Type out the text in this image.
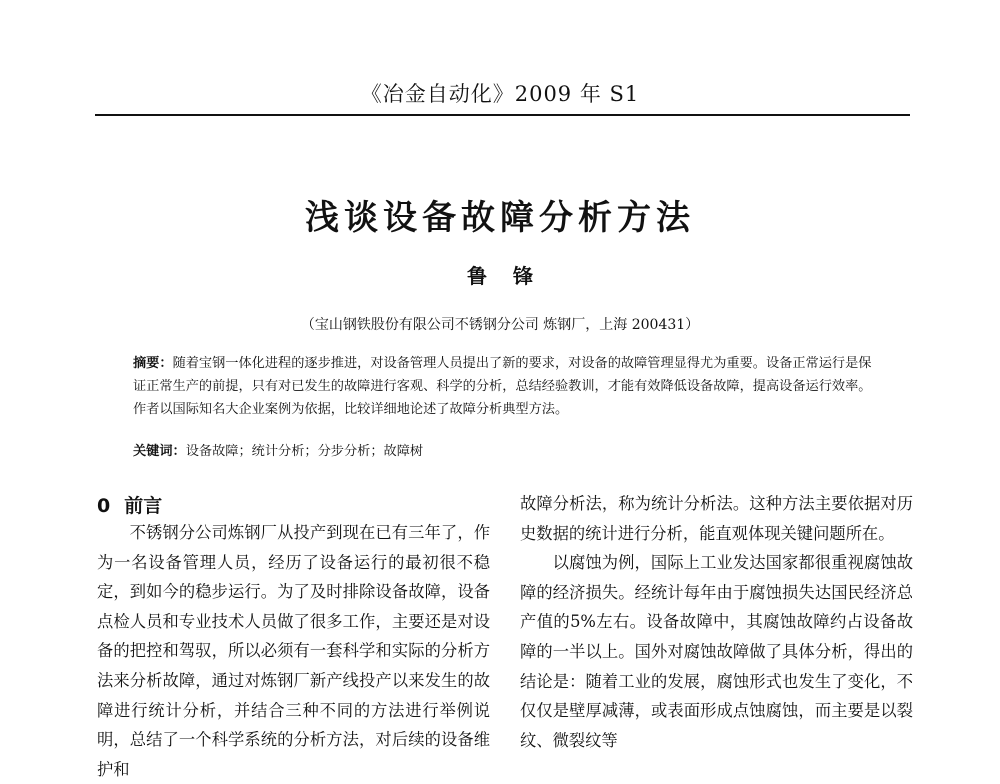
《冶金自动化》2009 年 S1
浅谈设备故障分析方法
鲁锋
（宝山钢铁股份有限公司不锈钢分公司 炼钢厂，上海 200431）
摘要：随着宝钢一体化进程的逐步推进，对设备管理人员提出了新的要求，对设备的故障管理显得尤为重要。设备正常运行是保证正常生产的前提，只有对已发生的故障进行客观、科学的分析，总结经验教训，才能有效降低设备故障，提高设备运行效率。作者以国际知名大企业案例为依据，比较详细地论述了故障分析典型方法。
关键词：设备故障；统计分析；分步分析；故障树
0 前言

不锈钢分公司炼钢厂从投产到现在已有三年了，作为一名设备管理人员，经历了设备运行的最初很不稳定，到如今的稳步运行。为了及时排除设备故障，设备点检人员和专业技术人员做了很多工作，主要还是对设备的把控和驾驭，所以必须有一套科学和实际的分析方法来分析故障，通过对炼钢厂新产线投产以来发生的故障进行统计分析，并结合三种不同的方法进行举例说明，总结了一个科学系统的分析方法，对后续的设备维护和

故障分析法，称为统计分析法。这种方法主要依据对历史数据的统计进行分析，能直观体现关键问题所在。

以腐蚀为例，国际上工业发达国家都很重视腐蚀故障的经济损失。经统计每年由于腐蚀损失达国民经济总产值的5%左右。设备故障中，其腐蚀故障约占设备故障的一半以上。国外对腐蚀故障做了具体分析，得出的结论是：随着工业的发展，腐蚀形式也发生了变化，不仅仅是壁厚减薄，或表面形成点蚀腐蚀，而主要是以裂纹、微裂纹等
